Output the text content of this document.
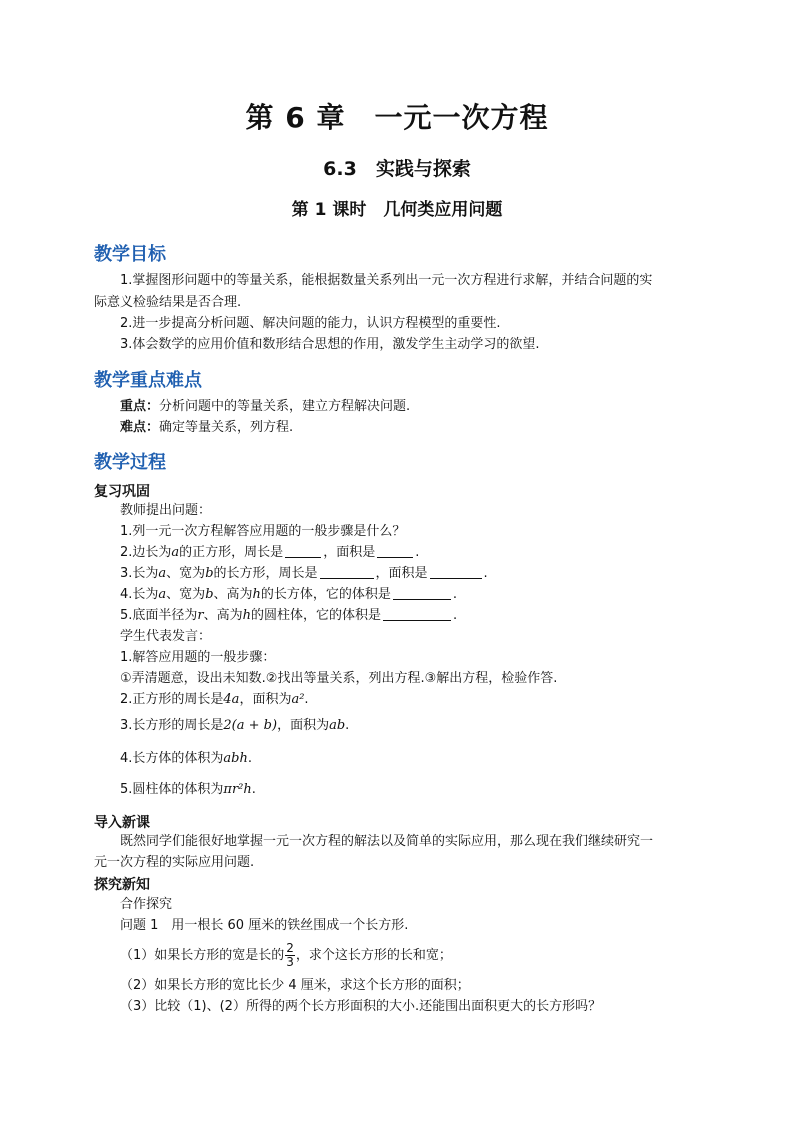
第 6 章　一元一次方程
6.3　实践与探索
第 1 课时　几何类应用问题
教学目标
1.掌握图形问题中的等量关系，能根据数量关系列出一元一次方程进行求解，并结合问题的实
际意义检验结果是否合理.
2.进一步提高分析问题、解决问题的能力，认识方程模型的重要性.
3.体会数学的应用价值和数形结合思想的作用，激发学生主动学习的欲望.
教学重点难点
重点：分析问题中的等量关系，建立方程解决问题.
难点：确定等量关系，列方程.
教学过程
复习巩固
教师提出问题：
1.列一元一次方程解答应用题的一般步骤是什么？
2.边长为a的正方形，周长是	，面积是	.
3.长为a、宽为b的长方形，周长是	，面积是	.
4.长为a、宽为b、高为h的长方体，它的体积是	.
5.底面半径为r、高为h的圆柱体，它的体积是	.
学生代表发言：
1.解答应用题的一般步骤：
①弄清题意，设出未知数.②找出等量关系，列出方程.③解出方程，检验作答.
2.正方形的周长是4a，面积为a².
3.长方形的周长是2(a + b)，面积为ab.
4.长方体的体积为abh.
5.圆柱体的体积为πr²h.
导入新课
既然同学们能很好地掌握一元一次方程的解法以及简单的实际应用，那么现在我们继续研究一
元一次方程的实际应用问题.
探究新知
合作探究
问题 1　用一根长 60 厘米的铁丝围成一个长方形.
（1）如果长方形的宽是长的 $\frac{2}{3}$ ，求个这长方形的长和宽；
（2）如果长方形的宽比长少 4 厘米，求这个长方形的面积；
（3）比较（1)、(2）所得的两个长方形面积的大小.还能围出面积更大的长方形吗？
